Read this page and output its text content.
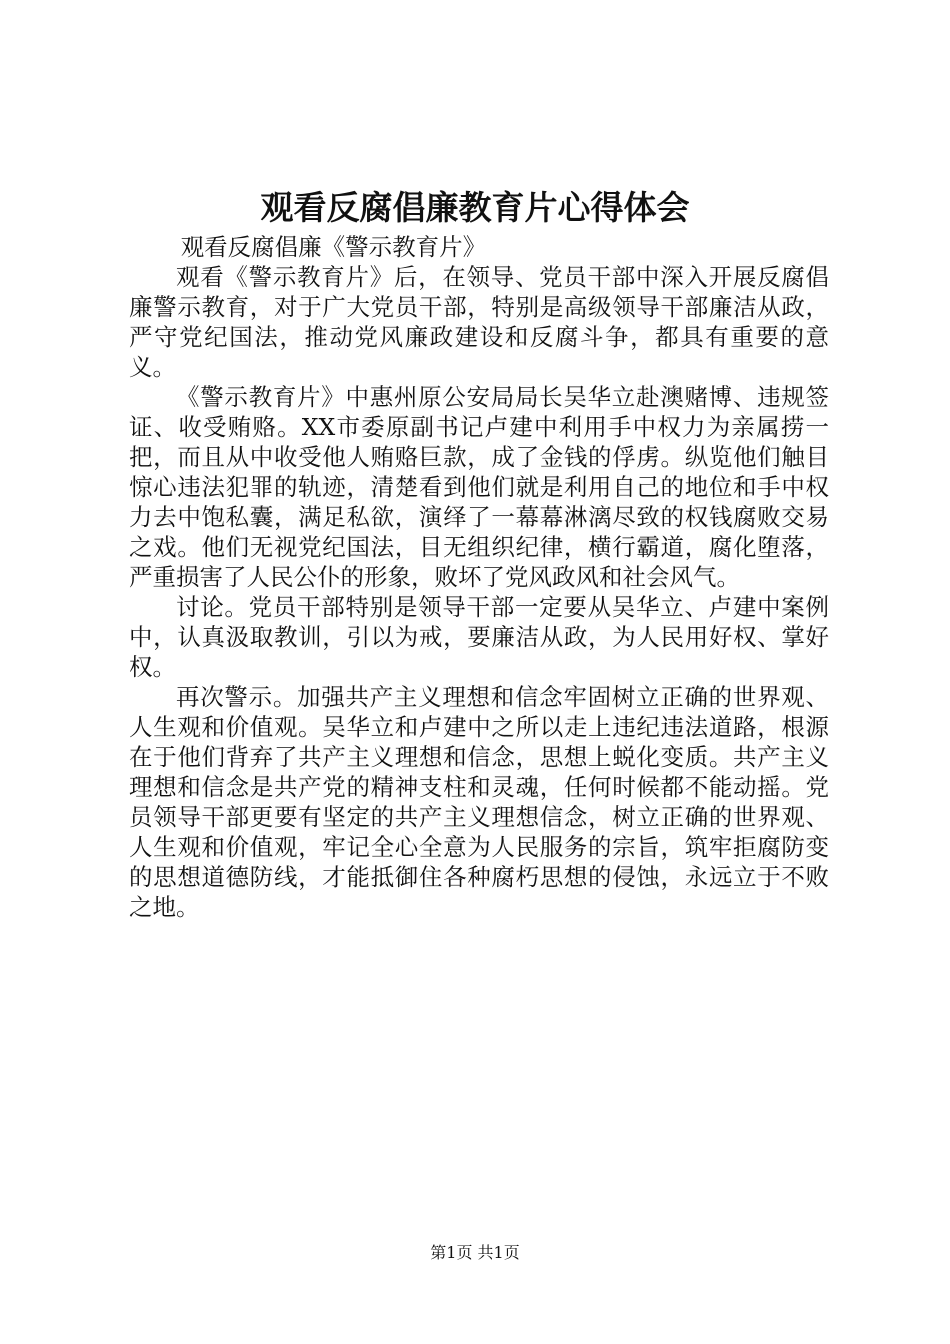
观看反腐倡廉教育片心得体会

观看反腐倡廉《警示教育片》

观看《警示教育片》后，在领导、党员干部中深入开展反腐倡廉警示教育，对于广大党员干部，特别是高级领导干部廉洁从政，严守党纪国法，推动党风廉政建设和反腐斗争，都具有重要的意义。

《警示教育片》中惠州原公安局局长吴华立赴澳赌博、违规签证、收受贿赂。XX市委原副书记卢建中利用手中权力为亲属捞一把，而且从中收受他人贿赂巨款，成了金钱的俘虏。纵览他们触目惊心违法犯罪的轨迹，清楚看到他们就是利用自己的地位和手中权力去中饱私囊，满足私欲，演绎了一幕幕淋漓尽致的权钱腐败交易之戏。他们无视党纪国法，目无组织纪律，横行霸道，腐化堕落，严重损害了人民公仆的形象，败坏了党风政风和社会风气。

讨论。党员干部特别是领导干部一定要从吴华立、卢建中案例中，认真汲取教训，引以为戒，要廉洁从政，为人民用好权、掌好权。

再次警示。加强共产主义理想和信念牢固树立正确的世界观、人生观和价值观。吴华立和卢建中之所以走上违纪违法道路，根源在于他们背弃了共产主义理想和信念，思想上蜕化变质。共产主义理想和信念是共产党的精神支柱和灵魂，任何时候都不能动摇。党员领导干部更要有坚定的共产主义理想信念，树立正确的世界观、人生观和价值观，牢记全心全意为人民服务的宗旨，筑牢拒腐防变的思想道德防线，才能抵御住各种腐朽思想的侵蚀，永远立于不败之地。

第1页 共1页
